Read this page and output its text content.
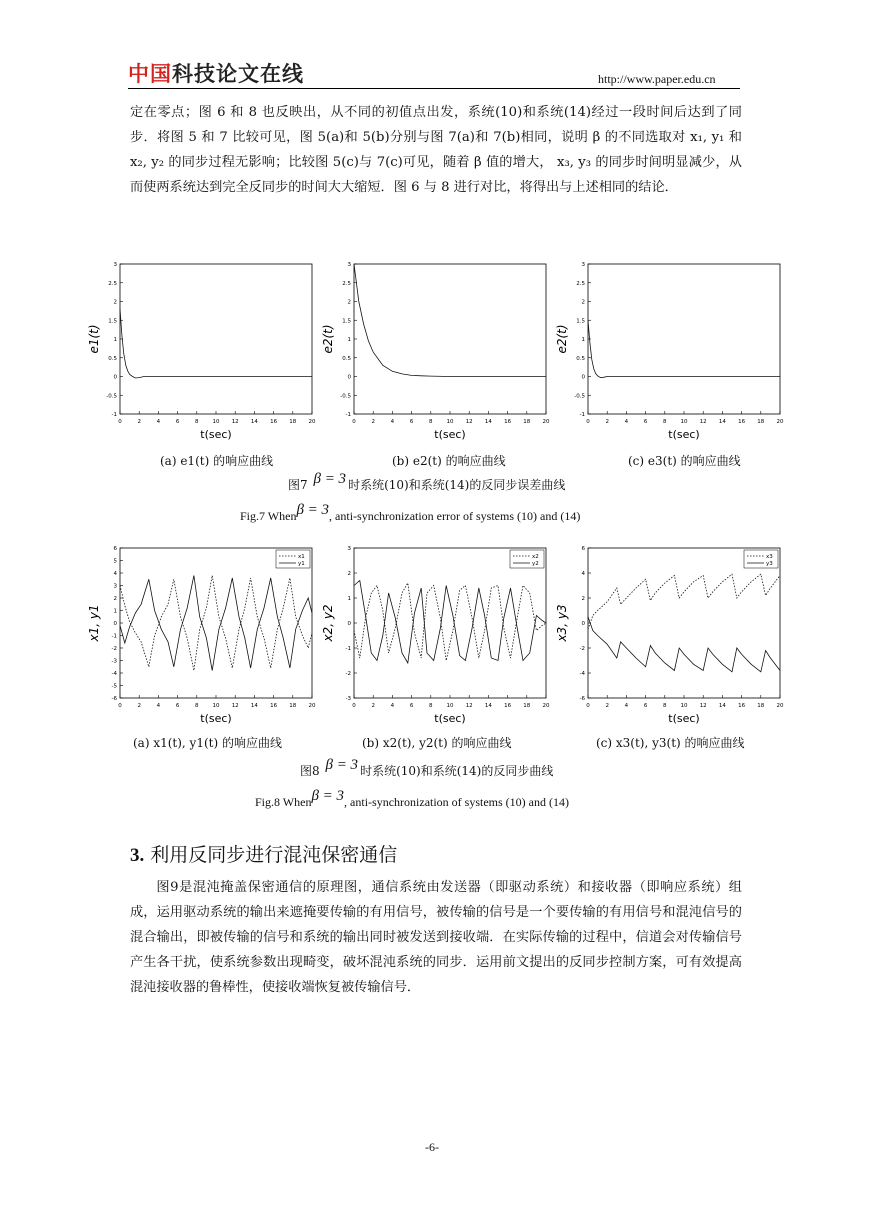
中国科技论文在线	http://www.paper.edu.cn

定在零点；图 6 和 8 也反映出，从不同的初值点出发，系统(10)和系统(14)经过一段时间后达到了同步．将图 5 和 7 比较可见，图 5(a)和 5(b)分别与图 7(a)和 7(b)相同，说明 β 的不同选取对 x₁, y₁ 和 x₂, y₂ 的同步过程无影响；比较图 5(c)与 7(c)可见，随着 β 值的增大， x₃, y₃ 的同步时间明显减少，从而使两系统达到完全反同步的时间大大缩短．图 6 与 8 进行对比，将得出与上述相同的结论．

0	2	4	6	8	10 12 14 16 18 20
-1
-0.5
0
0.5
1
1.5
2
2.5
3
t(sec)
e1(t)
0	2	4	6	8	10 12 14 16 18 20
-1
-0.5
0
0.5
1
1.5
2
2.5
3
t(sec)
e2(t)
0	2	4	6	8	10 12 14 16 18 20
-1
-0.5
0
0.5
1
1.5
2
2.5
3
t(sec)
e2(t)
(a) e1(t) 的响应曲线	(b) e2(t) 的响应曲线	(c) e3(t) 的响应曲线
图7 β = 3 时系统(10)和系统(14)的反同步误差曲线
Fig.7 Whenβ = 3, anti-synchronization error of systems (10) and (14)
0	2	4	6	8	10 12 14 16 18 20
-6
-5
-4
-3
-2
-1
0
1
2
3
4
5
6
x1
y1
t(sec)
x1, y1
0	2	4	6	8	10 12 14 16 18 20
-3
-2
-1
0
1
2
3
x2
y2
t(sec)
x2, y2
0	2	4	6	8	10 12 14 16 18 20
-6
-4
-2
0
2
4
6
x3
y3
t(sec)
x3, y3
(a) x1(t), y1(t) 的响应曲线	(b) x2(t), y2(t) 的响应曲线	(c) x3(t), y3(t) 的响应曲线
图8 β = 3 时系统(10)和系统(14)的反同步曲线
Fig.8 Whenβ = 3, anti-synchronization of systems (10) and (14)
3. 利用反同步进行混沌保密通信

图9是混沌掩盖保密通信的原理图，通信系统由发送器（即驱动系统）和接收器（即响应系统）组成，运用驱动系统的输出来遮掩要传输的有用信号，被传输的信号是一个要传输的有用信号和混沌信号的混合输出，即被传输的信号和系统的输出同时被发送到接收端．在实际传输的过程中，信道会对传输信号产生各干扰，使系统参数出现畸变，破坏混沌系统的同步．运用前文提出的反同步控制方案，可有效提高混沌接收器的鲁棒性，使接收端恢复被传输信号．

-6-
